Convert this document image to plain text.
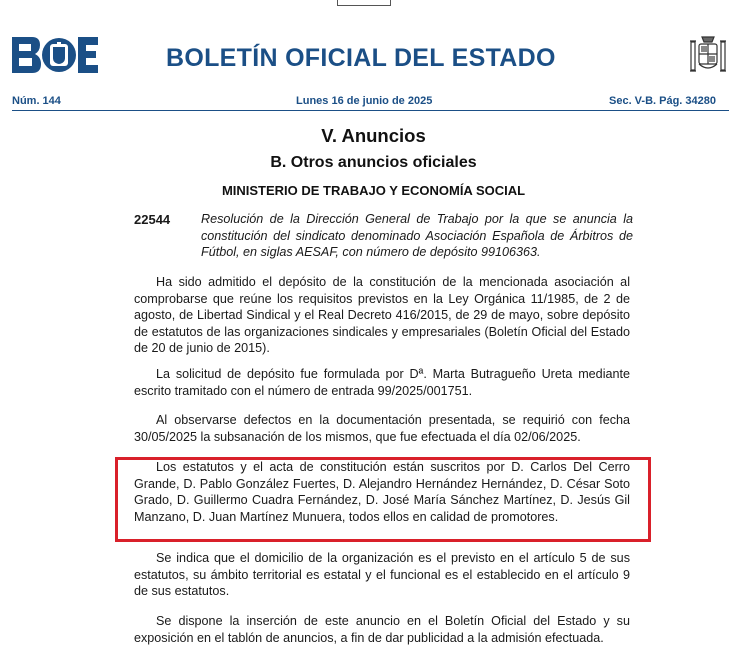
BOLETÍN OFICIAL DEL ESTADO
Núm. 144	Lunes 16 de junio de 2025	Sec. V-B. Pág. 34280
V. Anuncios
B. Otros anuncios oficiales
MINISTERIO DE TRABAJO Y ECONOMÍA SOCIAL
22544 Resolución de la Dirección General de Trabajo por la que se anuncia la constitución del sindicato denominado Asociación Española de Árbitros de Fútbol, en siglas AESAF, con número de depósito 99106363.

Ha sido admitido el depósito de la constitución de la mencionada asociación al comprobarse que reúne los requisitos previstos en la Ley Orgánica 11/1985, de 2 de agosto, de Libertad Sindical y el Real Decreto 416/2015, de 29 de mayo, sobre depósito de estatutos de las organizaciones sindicales y empresariales (Boletín Oficial del Estado de 20 de junio de 2015).

La solicitud de depósito fue formulada por Dª. Marta Butragueño Ureta mediante escrito tramitado con el número de entrada 99/2025/001751.

Al observarse defectos en la documentación presentada, se requirió con fecha 30/05/2025 la subsanación de los mismos, que fue efectuada el día 02/06/2025.

Los estatutos y el acta de constitución están suscritos por D. Carlos Del Cerro Grande, D. Pablo González Fuertes, D. Alejandro Hernández Hernández, D. César Soto Grado, D. Guillermo Cuadra Fernández, D. José María Sánchez Martínez, D. Jesús Gil Manzano, D. Juan Martínez Munuera, todos ellos en calidad de promotores.

Se indica que el domicilio de la organización es el previsto en el artículo 5 de sus estatutos, su ámbito territorial es estatal y el funcional es el establecido en el artículo 9 de sus estatutos.

Se dispone la inserción de este anuncio en el Boletín Oficial del Estado y su exposición en el tablón de anuncios, a fin de dar publicidad a la admisión efectuada.
